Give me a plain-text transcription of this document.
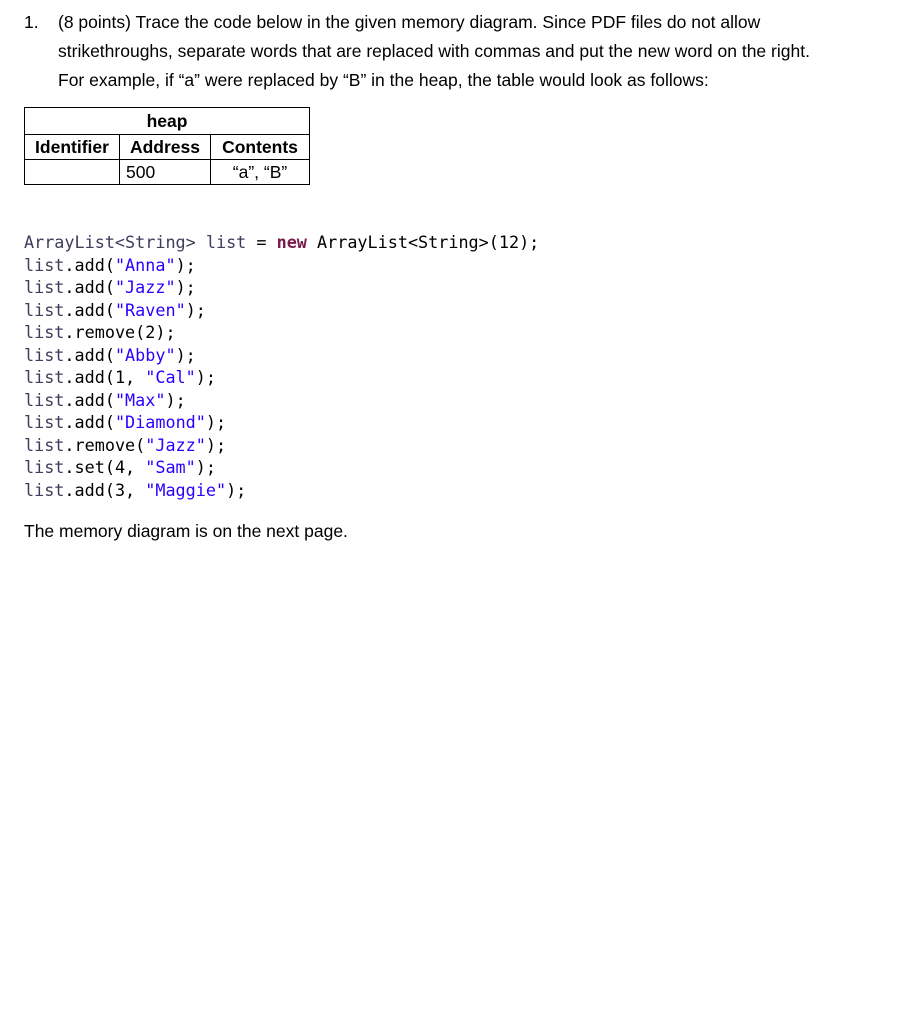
1. (8 points) Trace the code below in the given memory diagram. Since PDF files do not allow
strikethroughs, separate words that are replaced with commas and put the new word on the right.
For example, if “a” were replaced by “B” in the heap, the table would look as follows:
heap		
Identifier	Address	Contents
	500	“a”, “B”
ArrayList<String> list = new ArrayList<String>(12);
list.add("Anna");
list.add("Jazz");
list.add("Raven");
list.remove(2);
list.add("Abby");
list.add(1, "Cal");
list.add("Max");
list.add("Diamond");
list.remove("Jazz");
list.set(4, "Sam");
list.add(3, "Maggie");
The memory diagram is on the next page.
